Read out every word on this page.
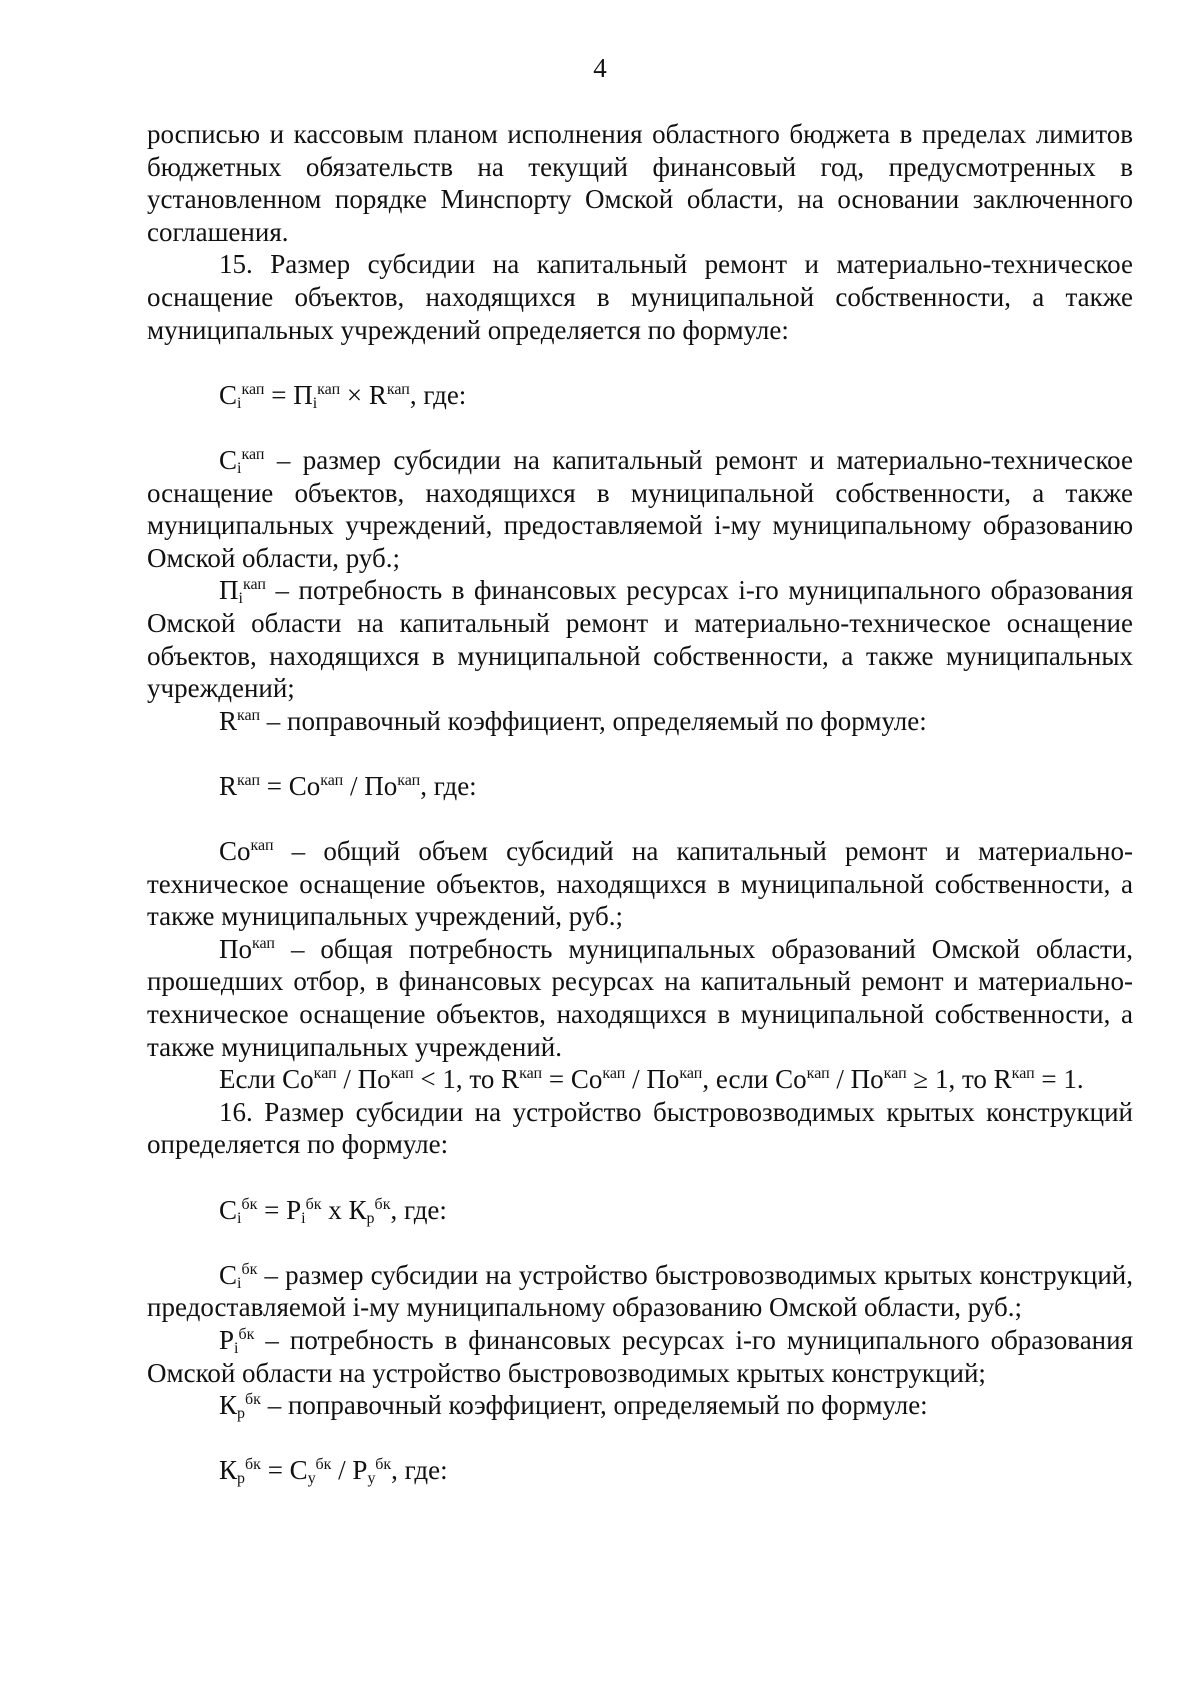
4

росписью и кассовым планом исполнения областного бюджета в пределах лимитов бюджетных обязательств на текущий финансовый год, предусмотренных в установленном порядке Минспорту Омской области, на основании заключенного соглашения.

15. Размер субсидии на капитальный ремонт и материально-техническое оснащение объектов, находящихся в муниципальной собственности, а также муниципальных учреждений определяется по формуле:

$С_i^{кап} = П_i^{кап} \times R^{кап}$, где:

$С_i^{кап}$ – размер субсидии на капитальный ремонт и материально-техническое оснащение объектов, находящихся в муниципальной собственности, а также муниципальных учреждений, предоставляемой i-му муниципальному образованию Омской области, руб.;

$П_i^{кап}$ – потребность в финансовых ресурсах i-го муниципального образования Омской области на капитальный ремонт и материально-техническое оснащение объектов, находящихся в муниципальной собственности, а также муниципальных учреждений;

$R^{кап}$ – поправочный коэффициент, определяемый по формуле:

$R^{кап} = Со^{кап} / По^{кап}$, где:

$Со^{кап}$ – общий объем субсидий на капитальный ремонт и материально-техническое оснащение объектов, находящихся в муниципальной собственности, а также муниципальных учреждений, руб.;

$По^{кап}$ – общая потребность муниципальных образований Омской области, прошедших отбор, в финансовых ресурсах на капитальный ремонт и материально-техническое оснащение объектов, находящихся в муниципальной собственности, а также муниципальных учреждений.

Если $Со^{кап} / По^{кап} < 1$, то $R^{кап} = Со^{кап} / По^{кап}$, если $Со^{кап} / По^{кап} \ge 1$, то $R^{кап} = 1$.

16. Размер субсидии на устройство быстровозводимых крытых конструкций определяется по формуле:

$С_i^{бк} = Р_i^{бк}$ x $К_р^{бк}$, где:

$С_i^{бк}$ – размер субсидии на устройство быстровозводимых крытых конструкций, предоставляемой i-му муниципальному образованию Омской области, руб.;

$Р_i^{бк}$ – потребность в финансовых ресурсах i-го муниципального образования Омской области на устройство быстровозводимых крытых конструкций;

$К_р^{бк}$ – поправочный коэффициент, определяемый по формуле:

$К_р^{бк} = С_у^{бк} / Р_у^{бк}$, где:
